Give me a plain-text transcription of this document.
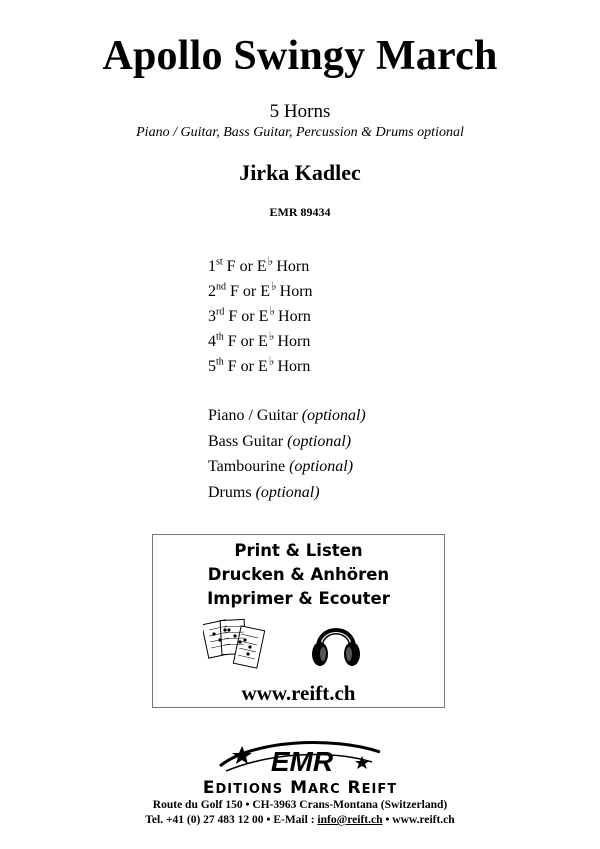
Apollo Swingy March
5 Horns
Piano / Guitar, Bass Guitar, Percussion & Drums optional
Jirka Kadlec
EMR 89434
1st F or E♭ Horn
2nd F or E♭ Horn
3rd F or E♭ Horn
4th F or E♭ Horn
5th F or E♭ Horn
Piano / Guitar (optional)
Bass Guitar (optional)
Tambourine (optional)
Drums (optional)
Print & Listen
Drucken & Anhören
Imprimer & Ecouter
www.reift.ch
EMR
EDITIONS MARC REIFT
Route du Golf 150 • CH-3963 Crans-Montana (Switzerland)
Tel. +41 (0) 27 483 12 00 • E-Mail : info@reift.ch • www.reift.ch
